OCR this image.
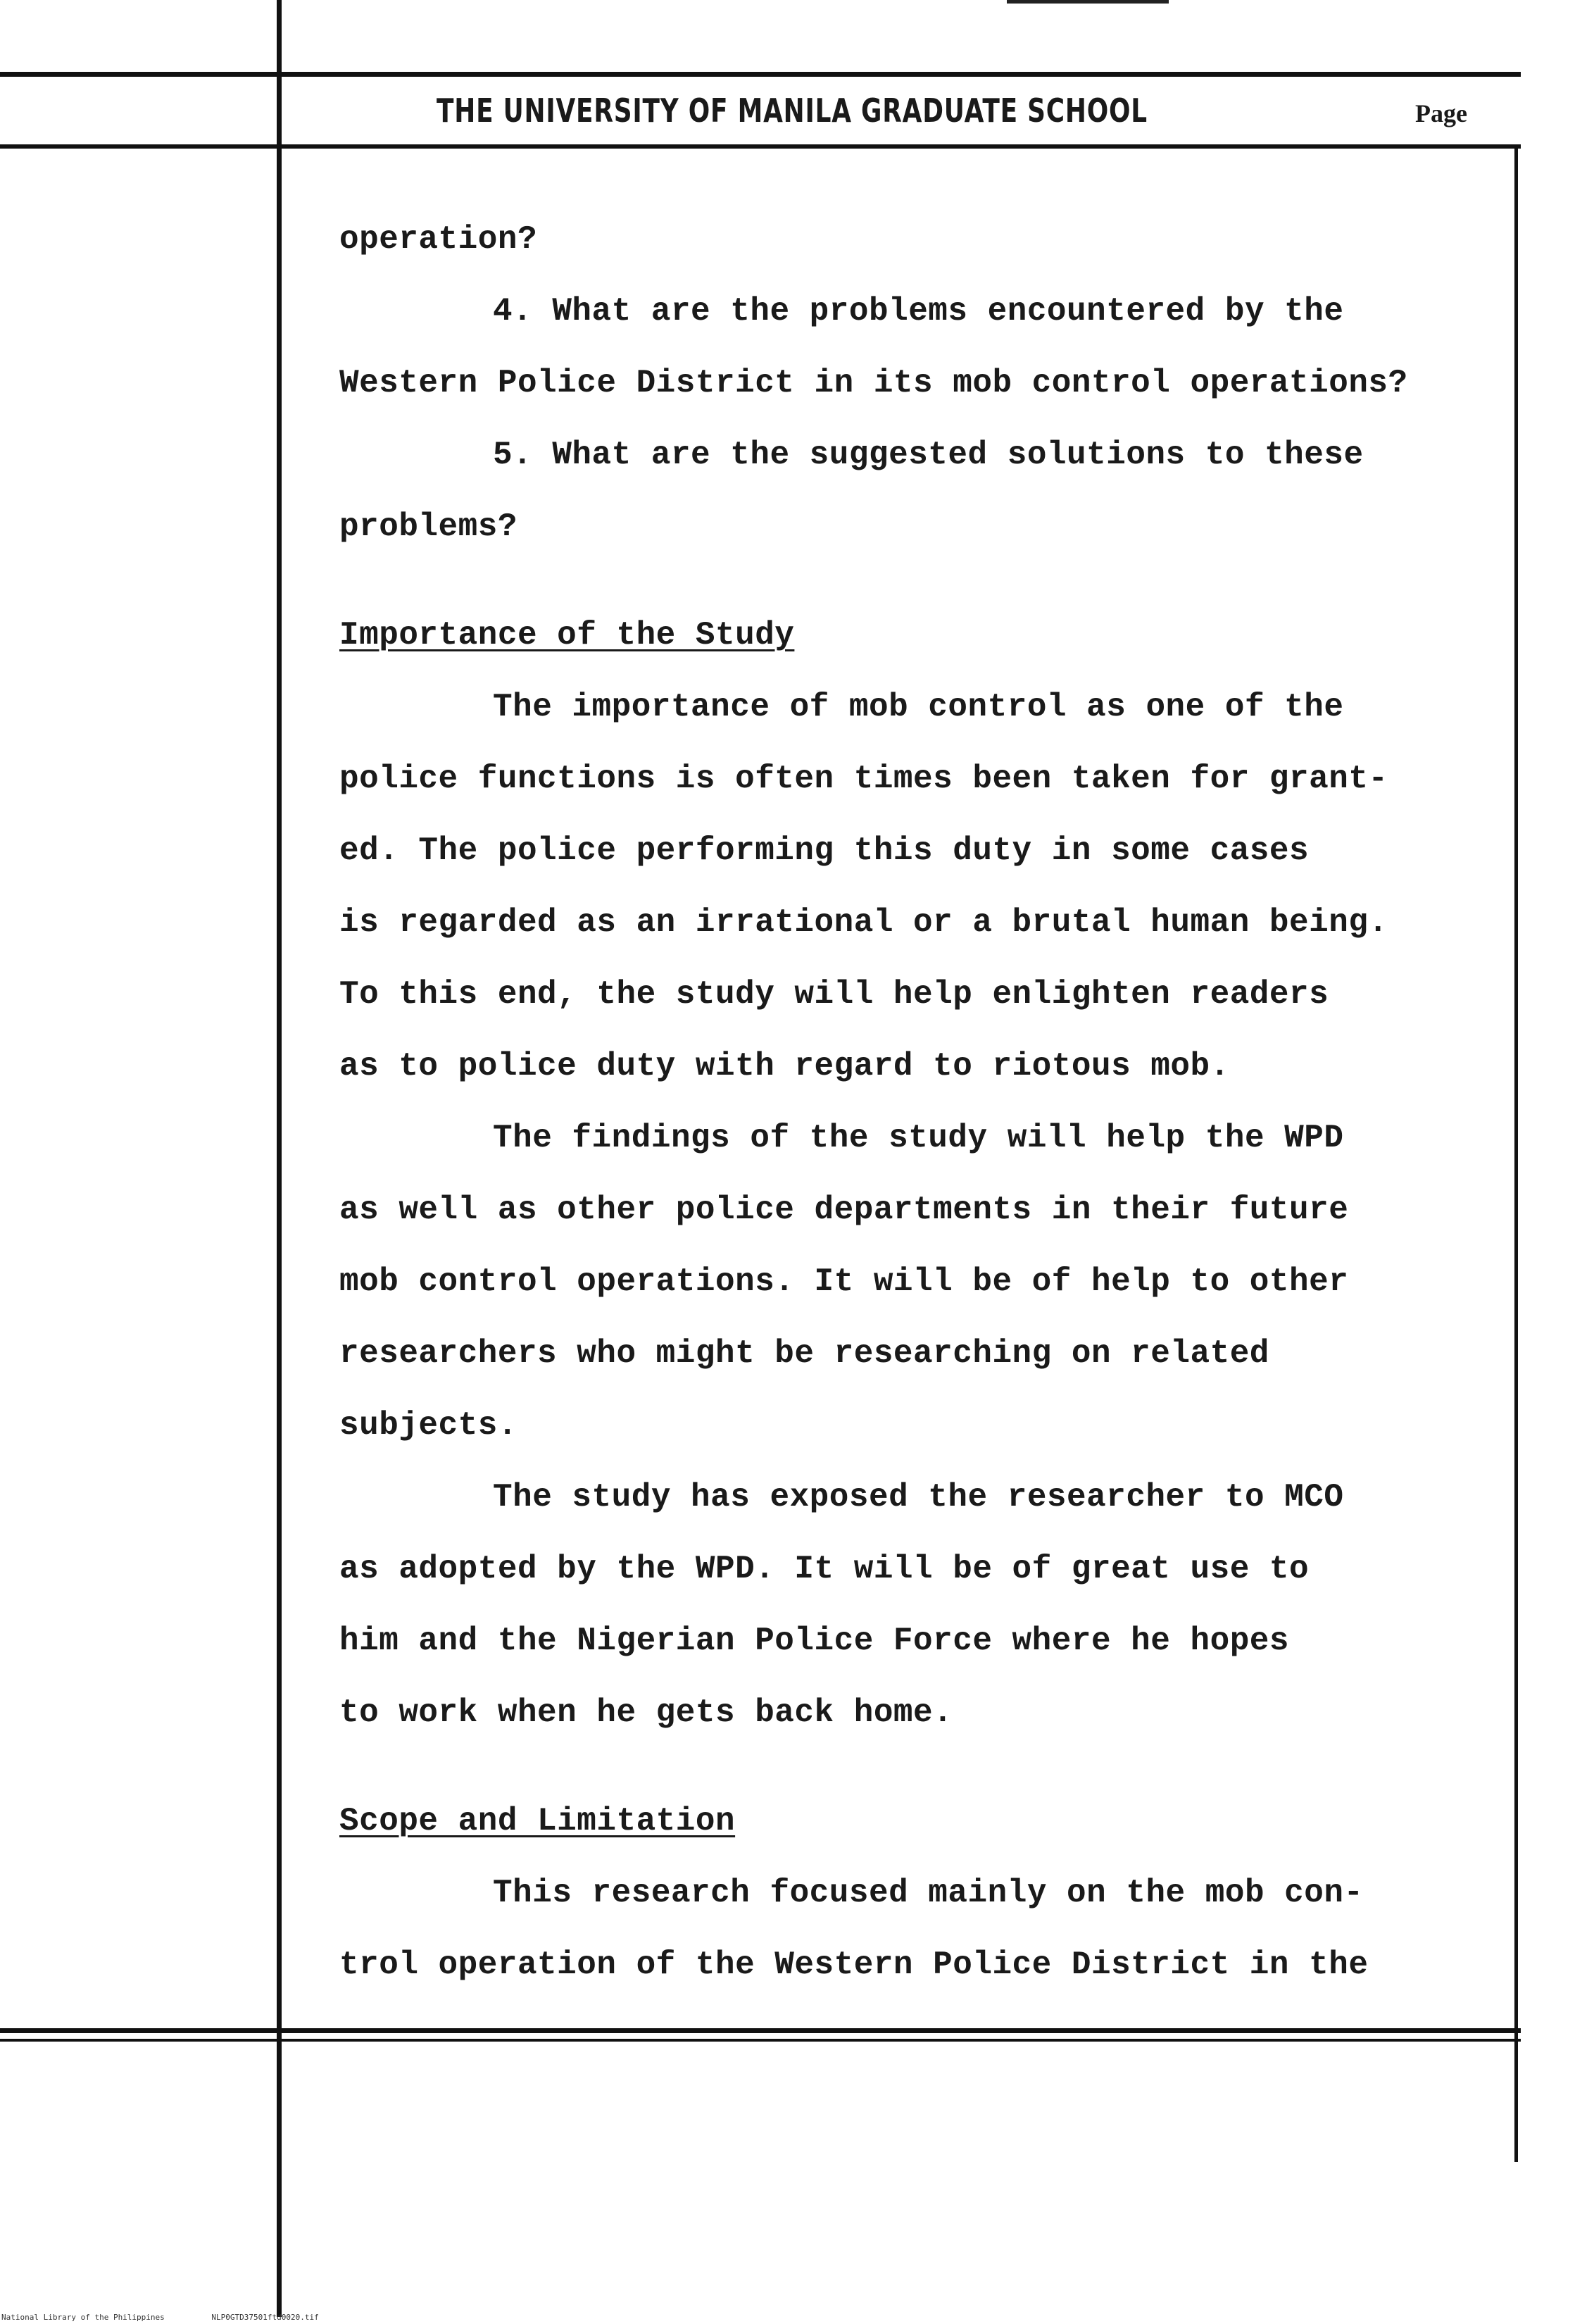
THE UNIVERSITY OF MANILA GRADUATE SCHOOL	Page
operation?
4. What are the problems encountered by the
Western Police District in its mob control operations?
5. What are the suggested solutions to these
problems?
Importance of the Study
The importance of mob control as one of the
police functions is often times been taken for grant-
ed. The police performing this duty in some cases
is regarded as an irrational or a brutal human being.
To this end, the study will help enlighten readers
as to police duty with regard to riotous mob.
The findings of the study will help the WPD
as well as other police departments in their future
mob control operations. It will be of help to other
researchers who might be researching on related
subjects.
The study has exposed the researcher to MCO
as adopted by the WPD. It will be of great use to
him and the Nigerian Police Force where he hopes
to work when he gets back home.
Scope and Limitation
This research focused mainly on the mob con-
trol operation of the Western Police District in the
National Library of the Philippines	NLP0GTD37501ftd0020.tif
